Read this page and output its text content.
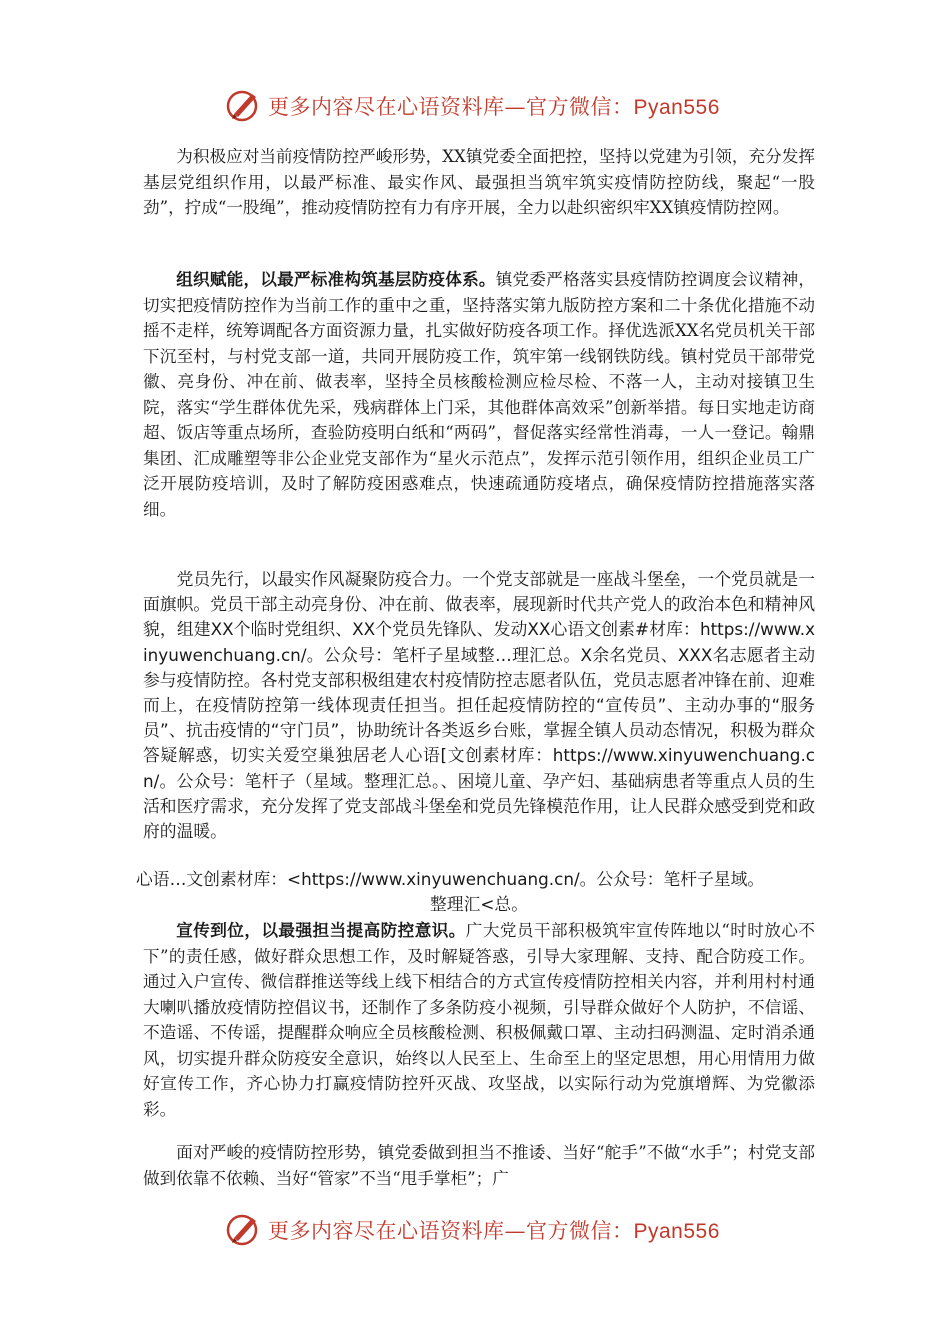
更多内容尽在心语资料库—官方微信：Pyan556

为积极应对当前疫情防控严峻形势，XX镇党委全面把控，坚持以党建为引领，充分发挥基层党组织作用，以最严标准、最实作风、最强担当筑牢筑实疫情防控防线，聚起“一股劲”，拧成“一股绳”，推动疫情防控有力有序开展，全力以赴织密织牢XX镇疫情防控网。

组织赋能，以最严标准构筑基层防疫体系。镇党委严格落实县疫情防控调度会议精神，切实把疫情防控作为当前工作的重中之重，坚持落实第九版防控方案和二十条优化措施不动摇不走样，统筹调配各方面资源力量，扎实做好防疫各项工作。择优选派XX名党员机关干部下沉至村，与村党支部一道，共同开展防疫工作，筑牢第一线钢铁防线。镇村党员干部带党徽、亮身份、冲在前、做表率，坚持全员核酸检测应检尽检、不落一人，主动对接镇卫生院，落实“学生群体优先采，残病群体上门采，其他群体高效采”创新举措。每日实地走访商超、饭店等重点场所，查验防疫明白纸和“两码”，督促落实经常性消毒，一人一登记。翰鼎集团、汇成雕塑等非公企业党支部作为“星火示范点”，发挥示范引领作用，组织企业员工广泛开展防疫培训，及时了解防疫困惑难点，快速疏通防疫堵点，确保疫情防控措施落实落细。

党员先行，以最实作风凝聚防疫合力。一个党支部就是一座战斗堡垒，一个党员就是一面旗帜。党员干部主动亮身份、冲在前、做表率，展现新时代共产党人的政治本色和精神风貌，组建XX个临时党组织、XX个党员先锋队、发动XX心语文创素#材库：https://www.xinyuwenchuang.cn/。公众号：笔杆子星域整…理汇总。X余名党员、XXX名志愿者主动参与疫情防控。各村党支部积极组建农村疫情防控志愿者队伍，党员志愿者冲锋在前、迎难而上，在疫情防控第一线体现责任担当。担任起疫情防控的“宣传员”、主动办事的“服务员”、抗击疫情的“守门员”，协助统计各类返乡台账，掌握全镇人员动态情况，积极为群众答疑解惑，切实关爱空巢独居老人心语[文创素材库：https://www.xinyuwenchuang.cn/。公众号：笔杆子（星域。整理汇总。、困境儿童、孕产妇、基础病患者等重点人员的生活和医疗需求，充分发挥了党支部战斗堡垒和党员先锋模范作用，让人民群众感受到党和政府的温暖。

心语…文创素材库：<https://www.xinyuwenchuang.cn/。公众号：笔杆子星域。

整理汇<总。

宣传到位，以最强担当提高防控意识。广大党员干部积极筑牢宣传阵地以“时时放心不下”的责任感，做好群众思想工作，及时解疑答惑，引导大家理解、支持、配合防疫工作。通过入户宣传、微信群推送等线上线下相结合的方式宣传疫情防控相关内容，并利用村村通大喇叭播放疫情防控倡议书，还制作了多条防疫小视频，引导群众做好个人防护，不信谣、不造谣、不传谣，提醒群众响应全员核酸检测、积极佩戴口罩、主动扫码测温、定时消杀通风，切实提升群众防疫安全意识，始终以人民至上、生命至上的坚定思想，用心用情用力做好宣传工作，齐心协力打赢疫情防控歼灭战、攻坚战，以实际行动为党旗增辉、为党徽添彩。

面对严峻的疫情防控形势，镇党委做到担当不推诿、当好“舵手”不做“水手”；村党支部做到依靠不依赖、当好“管家”不当“甩手掌柜”；广

更多内容尽在心语资料库—官方微信：Pyan556
